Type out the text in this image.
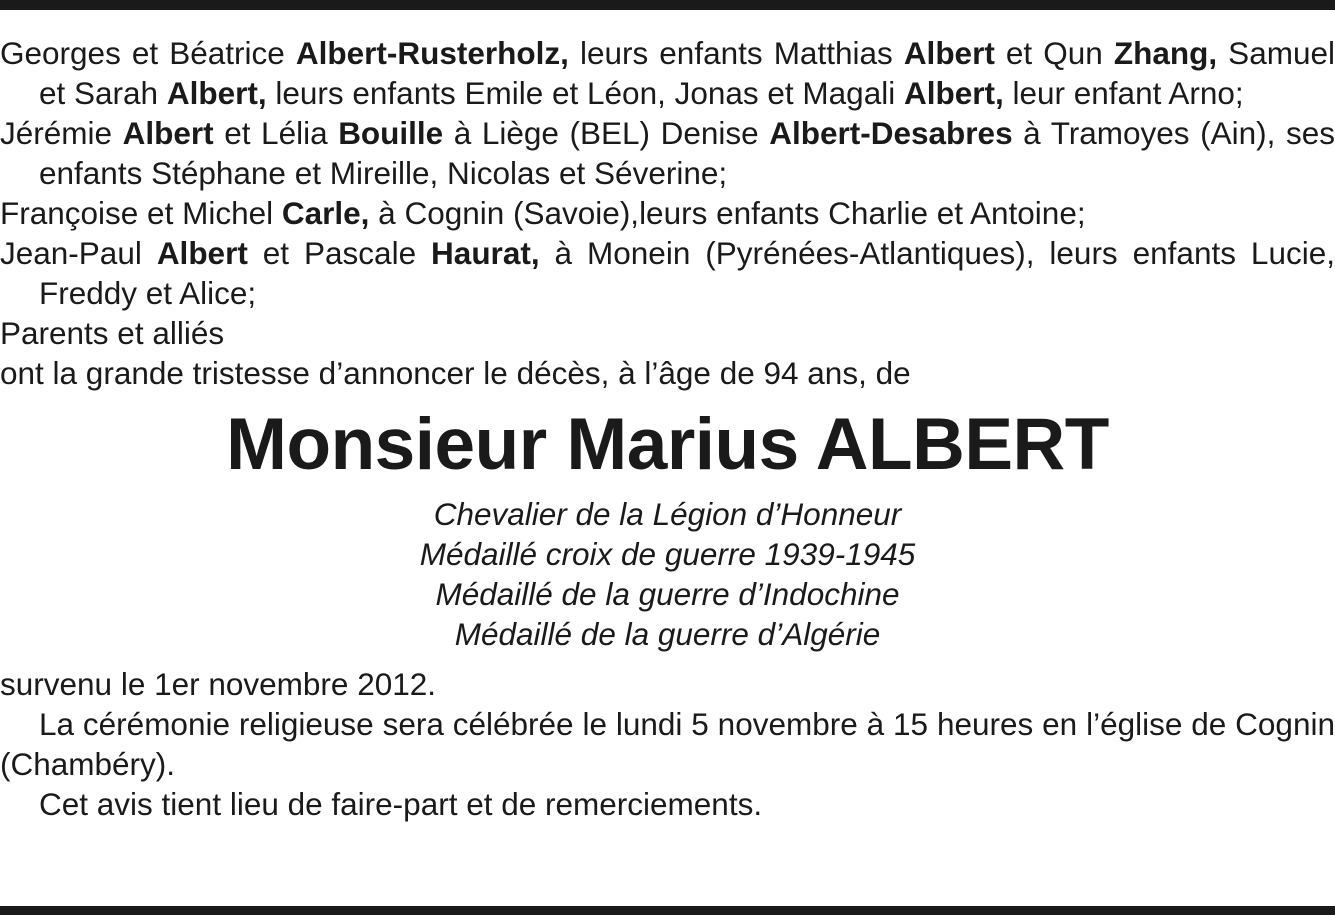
Georges et Béatrice Albert-Rusterholz, leurs enfants Matthias Albert et Qun Zhang, Samuel et Sarah Albert, leurs enfants Emile et Léon, Jonas et Magali Albert, leur enfant Arno;

Jérémie Albert et Lélia Bouille à Liège (BEL) Denise Albert-Desabres à Tramoyes (Ain), ses enfants Stéphane et Mireille, Nicolas et Séverine;

Françoise et Michel Carle, à Cognin (Savoie),leurs enfants Charlie et Antoine;

Jean-Paul Albert et Pascale Haurat, à Monein (Pyrénées-Atlantiques), leurs enfants Lucie, Freddy et Alice;

Parents et alliés

ont la grande tristesse d’annoncer le décès, à l’âge de 94 ans, de

Monsieur Marius ALBERT
Chevalier de la Légion d’Honneur
Médaillé croix de guerre 1939-1945
Médaillé de la guerre d’Indochine
Médaillé de la guerre d’Algérie

survenu le 1er novembre 2012.

La cérémonie religieuse sera célébrée le lundi 5 novembre à 15 heures en l’église de Cognin (Chambéry).

Cet avis tient lieu de faire-part et de remerciements.
